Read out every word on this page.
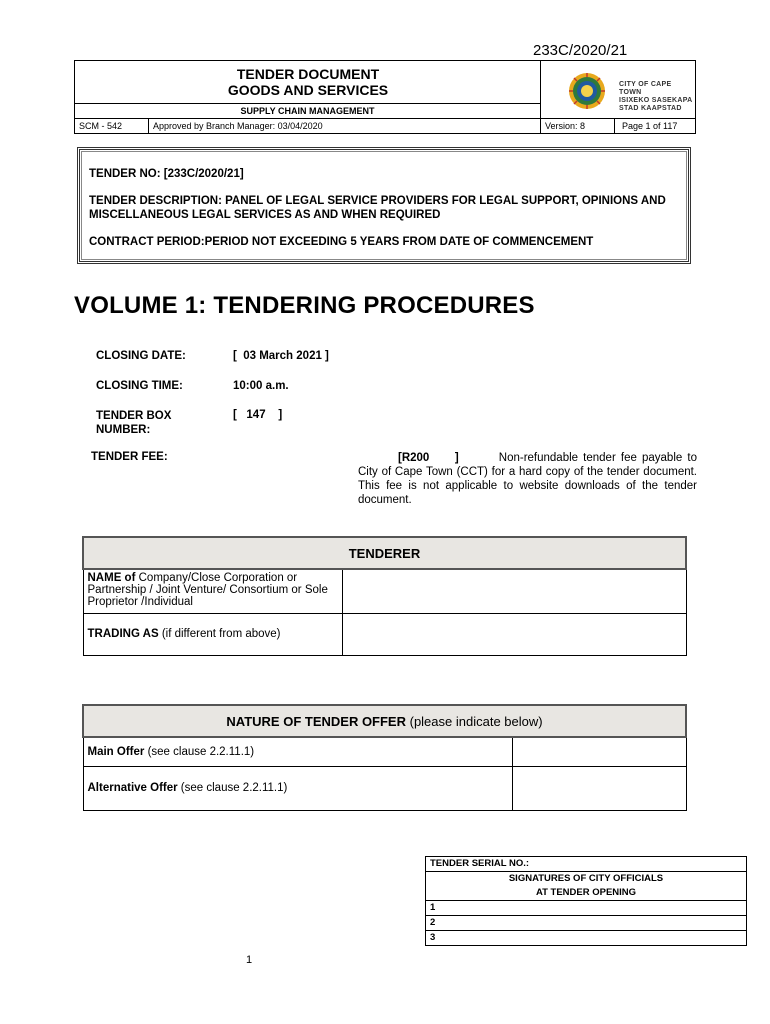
233C/2020/21
TENDER DOCUMENT
GOODS AND SERVICES
SUPPLY CHAIN MANAGEMENT
CITY OF CAPE TOWN
ISIXEKO SASEKAPA
STAD KAAPSTAD
SCM - 542	Approved by Branch Manager: 03/04/2020	Version: 8	Page 1 of 117
TENDER NO: [233C/2020/21]
TENDER DESCRIPTION: PANEL OF LEGAL SERVICE PROVIDERS FOR LEGAL SUPPORT, OPINIONS AND MISCELLANEOUS LEGAL SERVICES AS AND WHEN REQUIRED
CONTRACT PERIOD:PERIOD NOT EXCEEDING 5 YEARS FROM DATE OF COMMENCEMENT
VOLUME 1: TENDERING PROCEDURES
CLOSING DATE:	[  03 March 2021 ]
CLOSING TIME:	10:00 a.m.
TENDER BOX NUMBER:
[   147    ]
TENDER FEE:	[R200     ]	Non-refundable tender fee payable to City of Cape Town (CCT) for a hard copy of the tender document. This fee is not applicable to website downloads of the tender document.
TENDERER	
NAME of Company/Close Corporation or Partnership / Joint Venture/ Consortium or Sole Proprietor /Individual	
TRADING AS (if different from above)	
NATURE OF TENDER OFFER (please indicate below)	
Main Offer (see clause 2.2.11.1)	
Alternative Offer (see clause 2.2.11.1)	
TENDER SERIAL NO.:

SIGNATURES OF CITY OFFICIALS
AT TENDER OPENING

1
2
3
1
